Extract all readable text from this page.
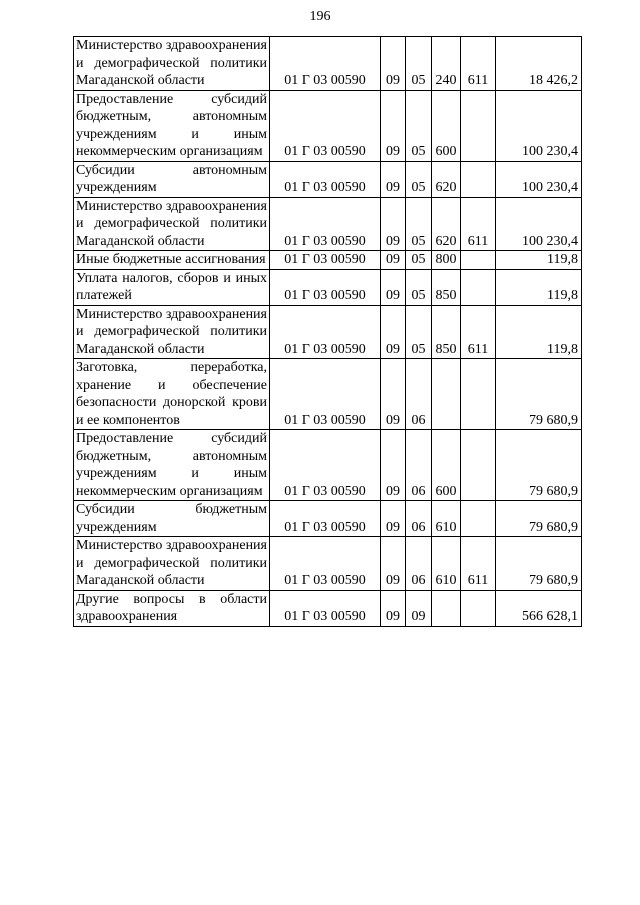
196
Министерство здравоохранения и демографической политики Магаданской области	01 Г 03 00590	09	05	240	611	18 426,2
Предоставление субсидий бюджетным, автономным учреждениям и иным некоммерческим организациям	01 Г 03 00590	09	05	600		100 230,4
Субсидии автономным учреждениям	01 Г 03 00590	09	05	620		100 230,4
Министерство здравоохранения и демографической политики Магаданской области	01 Г 03 00590	09	05	620	611	100 230,4
Иные бюджетные ассигнования	01 Г 03 00590	09	05	800		119,8
Уплата налогов, сборов и иных платежей	01 Г 03 00590	09	05	850		119,8
Министерство здравоохранения и демографической политики Магаданской области	01 Г 03 00590	09	05	850	611	119,8
Заготовка, переработка, хранение и обеспечение безопасности донорской крови и ее компонентов	01 Г 03 00590	09	06			79 680,9
Предоставление субсидий бюджетным, автономным учреждениям и иным некоммерческим организациям	01 Г 03 00590	09	06	600		79 680,9
Субсидии бюджетным учреждениям	01 Г 03 00590	09	06	610		79 680,9
Министерство здравоохранения и демографической политики Магаданской области	01 Г 03 00590	09	06	610	611	79 680,9
Другие вопросы в области здравоохранения	01 Г 03 00590	09	09			566 628,1
